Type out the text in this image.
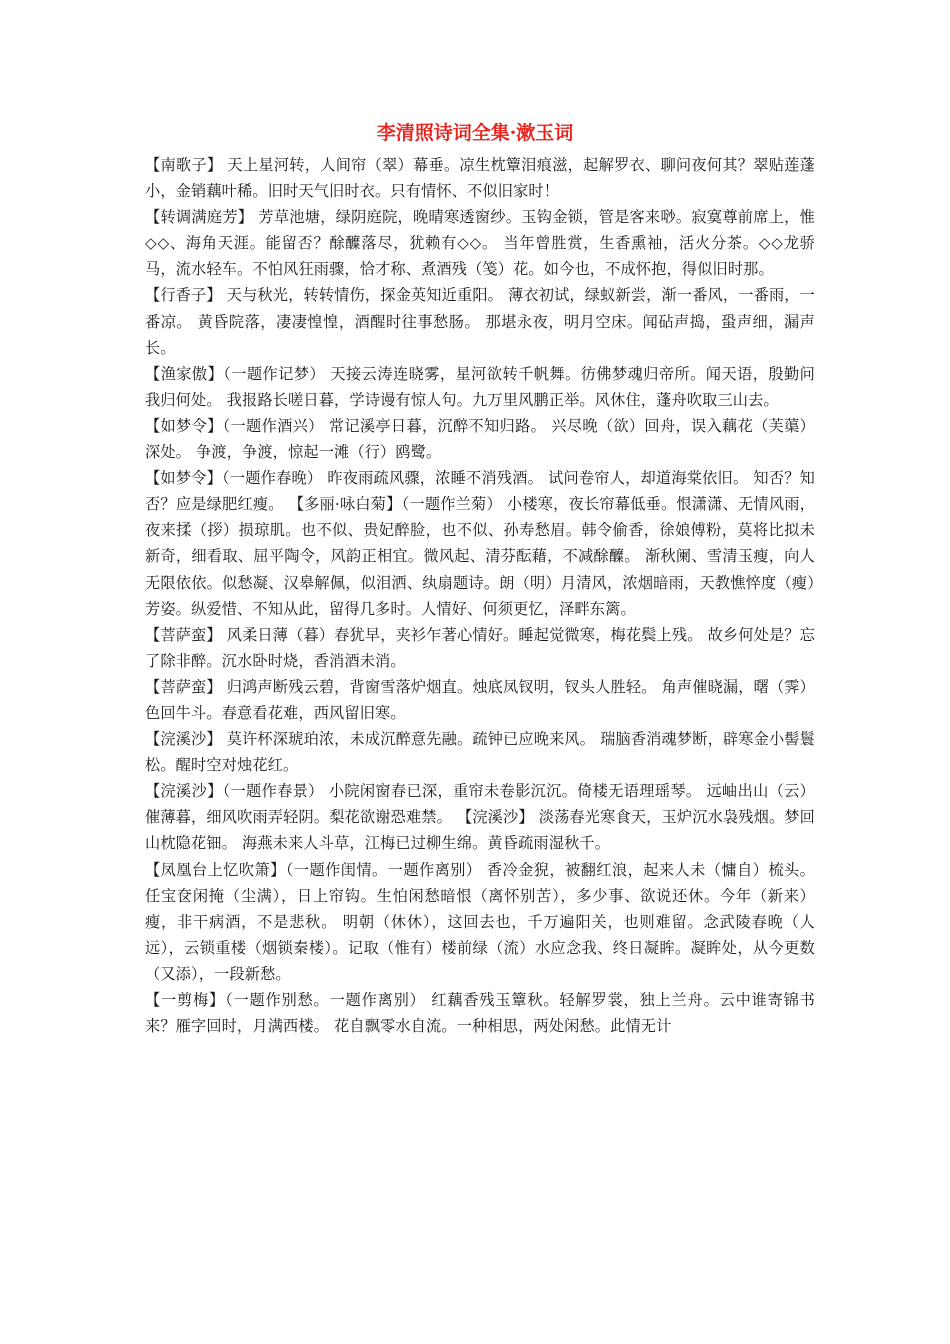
李清照诗词全集·漱玉词

【南歌子】 天上星河转，人间帘（翠）幕垂。凉生枕簟泪痕滋，起解罗衣、聊问夜何其？翠贴莲蓬小，金销藕叶稀。旧时天气旧时衣。只有情怀、不似旧家时！

【转调满庭芳】 芳草池塘，绿阴庭院，晚晴寒透窗纱。玉钩金锁，管是客来唦。寂寞尊前席上，惟◇◇、海角天涯。能留否？酴醾落尽，犹赖有◇◇。 当年曾胜赏，生香熏袖，活火分茶。◇◇龙骄马，流水轻车。不怕风狂雨骤，恰才称、煮酒残（笺）花。如今也，不成怀抱，得似旧时那。

【行香子】 天与秋光，转转情伤，探金英知近重阳。 薄衣初试，绿蚁新尝，渐一番风，一番雨，一番凉。 黄昏院落，凄凄惶惶，酒醒时往事愁肠。 那堪永夜，明月空床。闻砧声捣，蛩声细，漏声长。

【渔家傲】（一题作记梦） 天接云涛连晓雾，星河欲转千帆舞。彷佛梦魂归帝所。闻天语，殷勤问我归何处。 我报路长嗟日暮，学诗谩有惊人句。九万里风鹏正举。风休住，蓬舟吹取三山去。

【如梦令】（一题作酒兴） 常记溪亭日暮，沉醉不知归路。 兴尽晚（欲）回舟，误入藕花（芙蕖）深处。 争渡，争渡，惊起一滩（行）鸥鹭。

【如梦令】（一题作春晚） 昨夜雨疏风骤，浓睡不消残酒。 试问卷帘人，却道海棠依旧。 知否？知否？应是绿肥红瘦。 【多丽·咏白菊】（一题作兰菊） 小楼寒，夜长帘幕低垂。恨潇潇、无情风雨，夜来揉（拶）损琼肌。也不似、贵妃醉脸，也不似、孙寿愁眉。韩令偷香，徐娘傅粉，莫将比拟未新奇，细看取、屈平陶令，风韵正相宜。微风起、清芬酝藉，不减酴醾。 渐秋阑、雪清玉瘦，向人无限依依。似愁凝、汉皋解佩，似泪洒、纨扇题诗。朗（明）月清风，浓烟暗雨，天教憔悴度（瘦）芳姿。纵爱惜、不知从此，留得几多时。人情好、何须更忆，泽畔东篱。

【菩萨蛮】 风柔日薄（暮）春犹早，夹衫乍著心情好。睡起觉微寒，梅花鬓上残。 故乡何处是？忘了除非醉。沉水卧时烧，香消酒未消。

【菩萨蛮】 归鸿声断残云碧，背窗雪落炉烟直。烛底凤钗明，钗头人胜轻。 角声催晓漏，曙（霁）色回牛斗。春意看花难，西风留旧寒。

【浣溪沙】 莫许杯深琥珀浓，未成沉醉意先融。疏钟已应晚来风。 瑞脑香消魂梦断，辟寒金小髻鬟松。醒时空对烛花红。

【浣溪沙】（一题作春景） 小院闲窗春已深，重帘未卷影沉沉。倚楼无语理瑶琴。 远岫出山（云）催薄暮，细风吹雨弄轻阴。梨花欲谢恐难禁。 【浣溪沙】 淡荡春光寒食天，玉炉沉水袅残烟。梦回山枕隐花钿。 海燕未来人斗草，江梅已过柳生绵。黄昏疏雨湿秋千。

【凤凰台上忆吹箫】（一题作闺情。一题作离别） 香冷金猊，被翻红浪，起来人未（慵自）梳头。任宝奁闲掩（尘满），日上帘钩。生怕闲愁暗恨（离怀别苦），多少事、欲说还休。今年（新来）瘦，非干病酒，不是悲秋。 明朝（休休），这回去也，千万遍阳关，也则难留。念武陵春晚（人远），云锁重楼（烟锁秦楼）。记取（惟有）楼前绿（流）水应念我、终日凝眸。凝眸处，从今更数（又添），一段新愁。

【一剪梅】（一题作别愁。一题作离别） 红藕香残玉簟秋。轻解罗裳，独上兰舟。云中谁寄锦书来？雁字回时，月满西楼。 花自飘零水自流。一种相思，两处闲愁。此情无计
